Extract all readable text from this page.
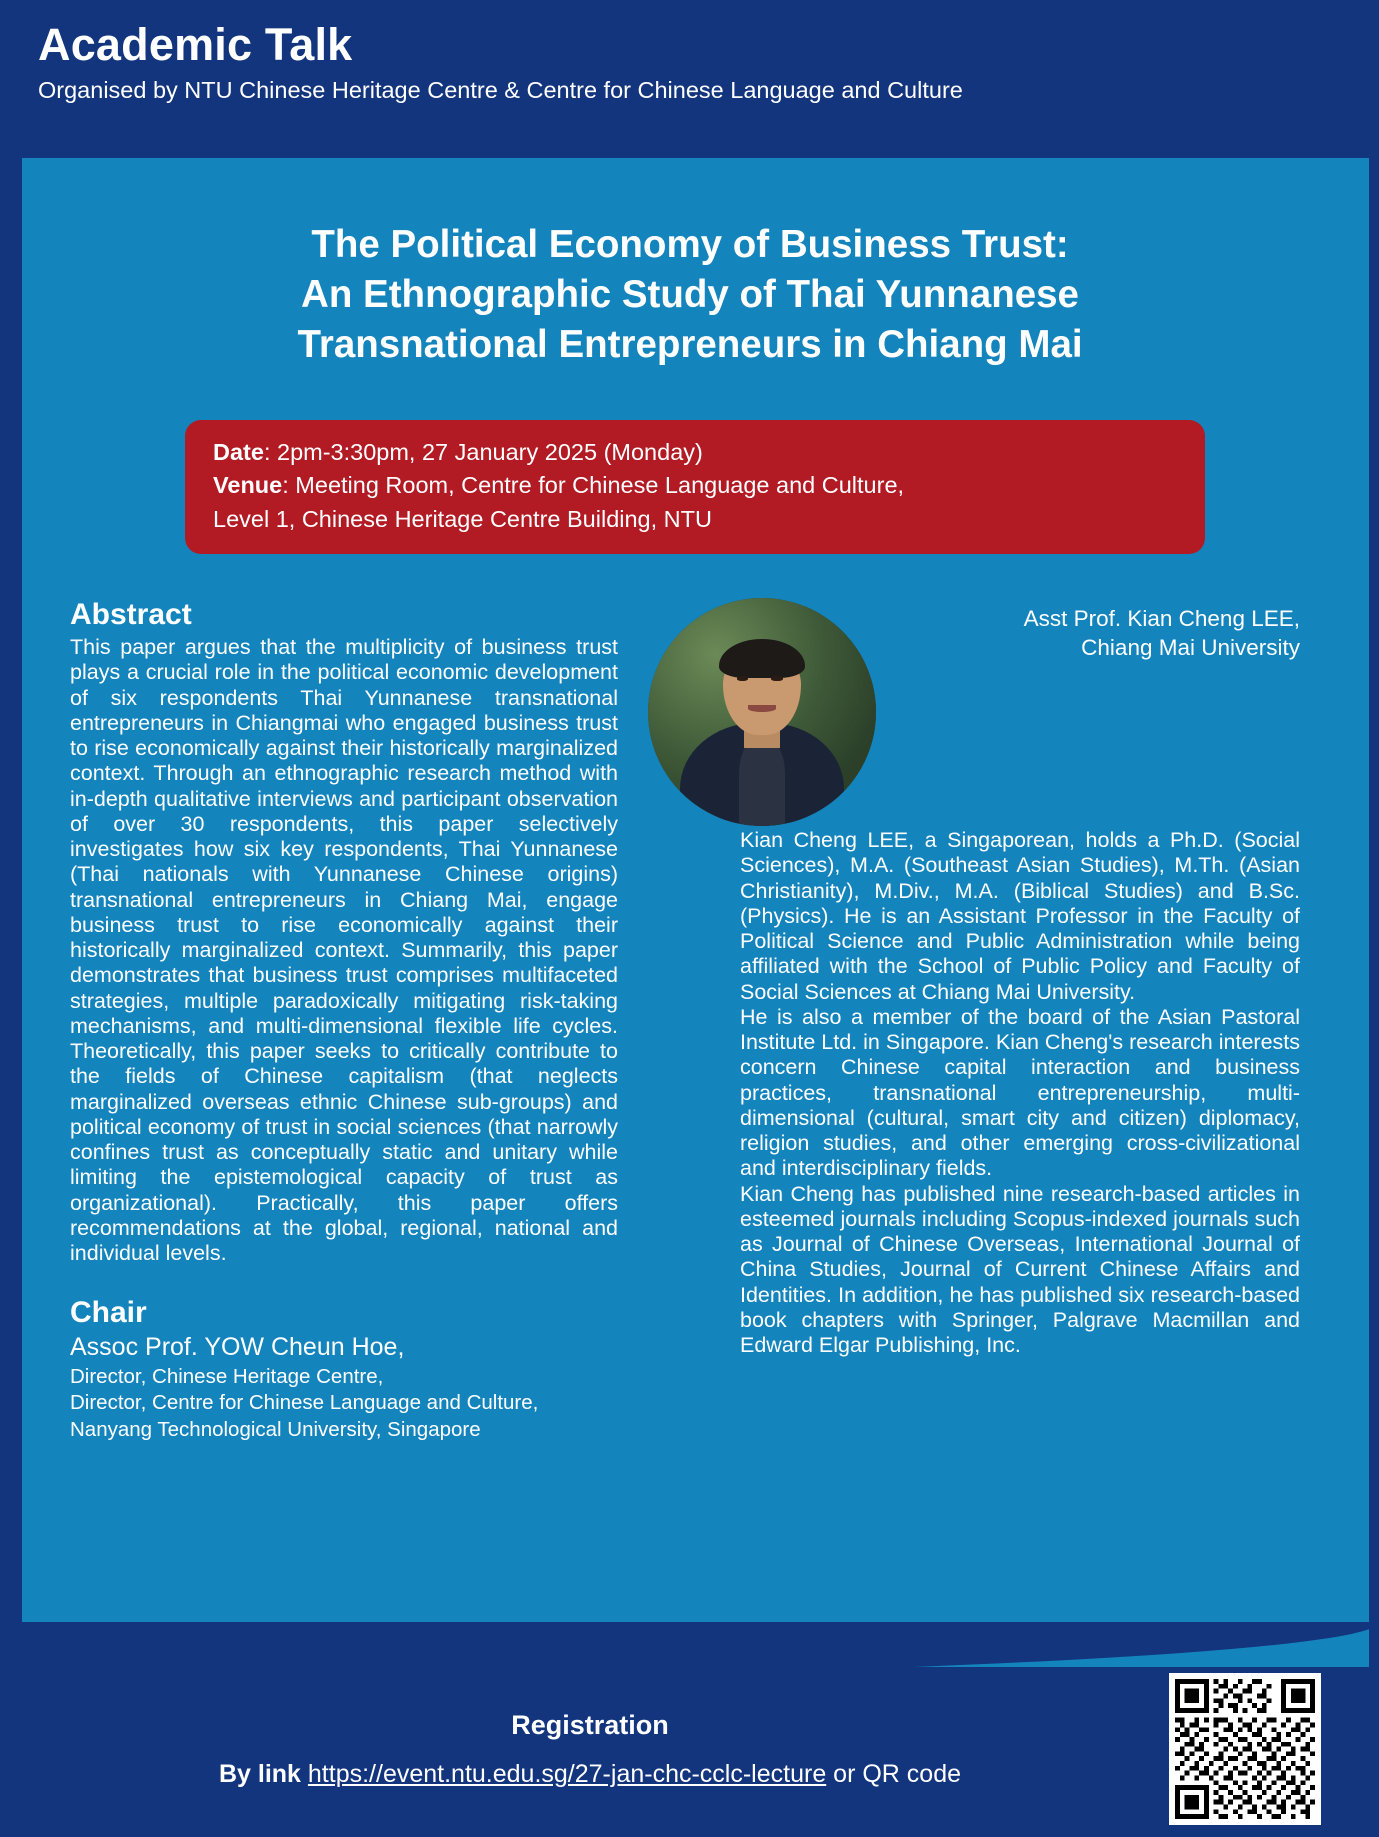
Academic Talk
Organised by NTU Chinese Heritage Centre & Centre for Chinese Language and Culture
The Political Economy of Business Trust:
An Ethnographic Study of Thai Yunnanese
Transnational Entrepreneurs in Chiang Mai

Date: 2pm-3:30pm, 27 January 2025 (Monday)

Venue: Meeting Room, Centre for Chinese Language and Culture,

Level 1, Chinese Heritage Centre Building, NTU

Abstract

This paper argues that the multiplicity of business trust plays a crucial role in the political economic development of six respondents Thai Yunnanese transnational entrepreneurs in Chiangmai who engaged business trust to rise economically against their historically marginalized context. Through an ethnographic research method with in-depth qualitative interviews and participant observation of over 30 respondents, this paper selectively investigates how six key respondents, Thai Yunnanese (Thai nationals with Yunnanese Chinese origins) transnational entrepreneurs in Chiang Mai, engage business trust to rise economically against their historically marginalized context. Summarily, this paper demonstrates that business trust comprises multifaceted strategies, multiple paradoxically mitigating risk-taking mechanisms, and multi-dimensional flexible life cycles. Theoretically, this paper seeks to critically contribute to the fields of Chinese capitalism (that neglects marginalized overseas ethnic Chinese sub-groups) and political economy of trust in social sciences (that narrowly confines trust as conceptually static and unitary while limiting the epistemological capacity of trust as organizational). Practically, this paper offers recommendations at the global, regional, national and individual levels.

Chair

Assoc Prof. YOW Cheun Hoe,

Director, Chinese Heritage Centre,

Director, Centre for Chinese Language and Culture,

Nanyang Technological University, Singapore

Asst Prof. Kian Cheng LEE,
Chiang Mai University

Kian Cheng LEE, a Singaporean, holds a Ph.D. (Social Sciences), M.A. (Southeast Asian Studies), M.Th. (Asian Christianity), M.Div., M.A. (Biblical Studies) and B.Sc. (Physics). He is an Assistant Professor in the Faculty of Political Science and Public Administration while being affiliated with the School of Public Policy and Faculty of Social Sciences at Chiang Mai University.

He is also a member of the board of the Asian Pastoral Institute Ltd. in Singapore. Kian Cheng's research interests concern Chinese capital interaction and business practices, transnational entrepreneurship, multi-dimensional (cultural, smart city and citizen) diplomacy, religion studies, and other emerging cross-civilizational and interdisciplinary fields.

Kian Cheng has published nine research-based articles in esteemed journals including Scopus-indexed journals such as Journal of Chinese Overseas, International Journal of China Studies, Journal of Current Chinese Affairs and Identities. In addition, he has published six research-based book chapters with Springer, Palgrave Macmillan and Edward Elgar Publishing, Inc.

Registration
By link https://event.ntu.edu.sg/27-jan-chc-cclc-lecture or QR code
